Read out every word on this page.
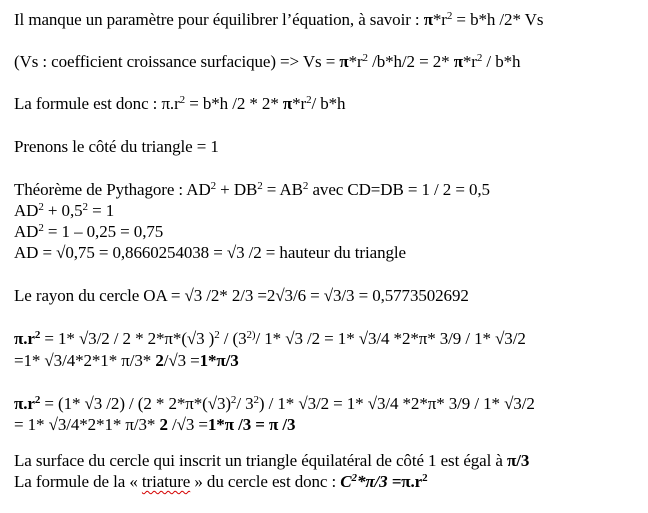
Il manque un paramètre pour équilibrer l’équation, à savoir : $\pi*r^2 = b*h$ /2* Vs
(Vs : coefficient croissance surfacique) => $Vs = \pi*r^2$ /b*h/2 = 2* $\pi*r^2 / b*h$
La formule est donc : $\pi.r^2 = b*h$ /2 * 2* $\pi*r^2/$ b*h
Prenons le côté du triangle = 1
Théorème de Pythagore : $AD^2 + DB^2 = AB^2$ avec CD=DB = 1 / 2 = 0,5
$AD^2 + 0,5^2 = 1$
$AD^2 = 1 - 0,25 = 0,75$
AD = √0,75 = 0,8660254038 = √3 /2 = hauteur du triangle
Le rayon du cercle OA = √3 /2* 2/3 =2√3/6 = √3/3 = 0,5773502692
$\pi.r^2 = 1*$ √3/2 / 2 * 2*π*(√3 )$^2$ / (3$^{2)}$/ 1* √3 /2 = 1* √3/4 *2*π* 3/9 / 1* √3/2
=1* √3/4*2*1* π/3* 2/√3 =1*π/3
$\pi.r^2 = (1*$ √3 $/2) / (2 * 2*\pi*(√3)^2/$ $3^2) / 1*$ √3/2 = 1* √3/4 *2*π* 3/9 / 1* √3/2
= 1* √3/4*2*1* π/3* 2 /√3 =1*π /3 = π /3
La surface du cercle qui inscrit un triangle équilatéral de côté 1 est égal à π/3
La formule de la « triature » du cercle est donc : $C^2*\pi/3 =\pi.r^2$
